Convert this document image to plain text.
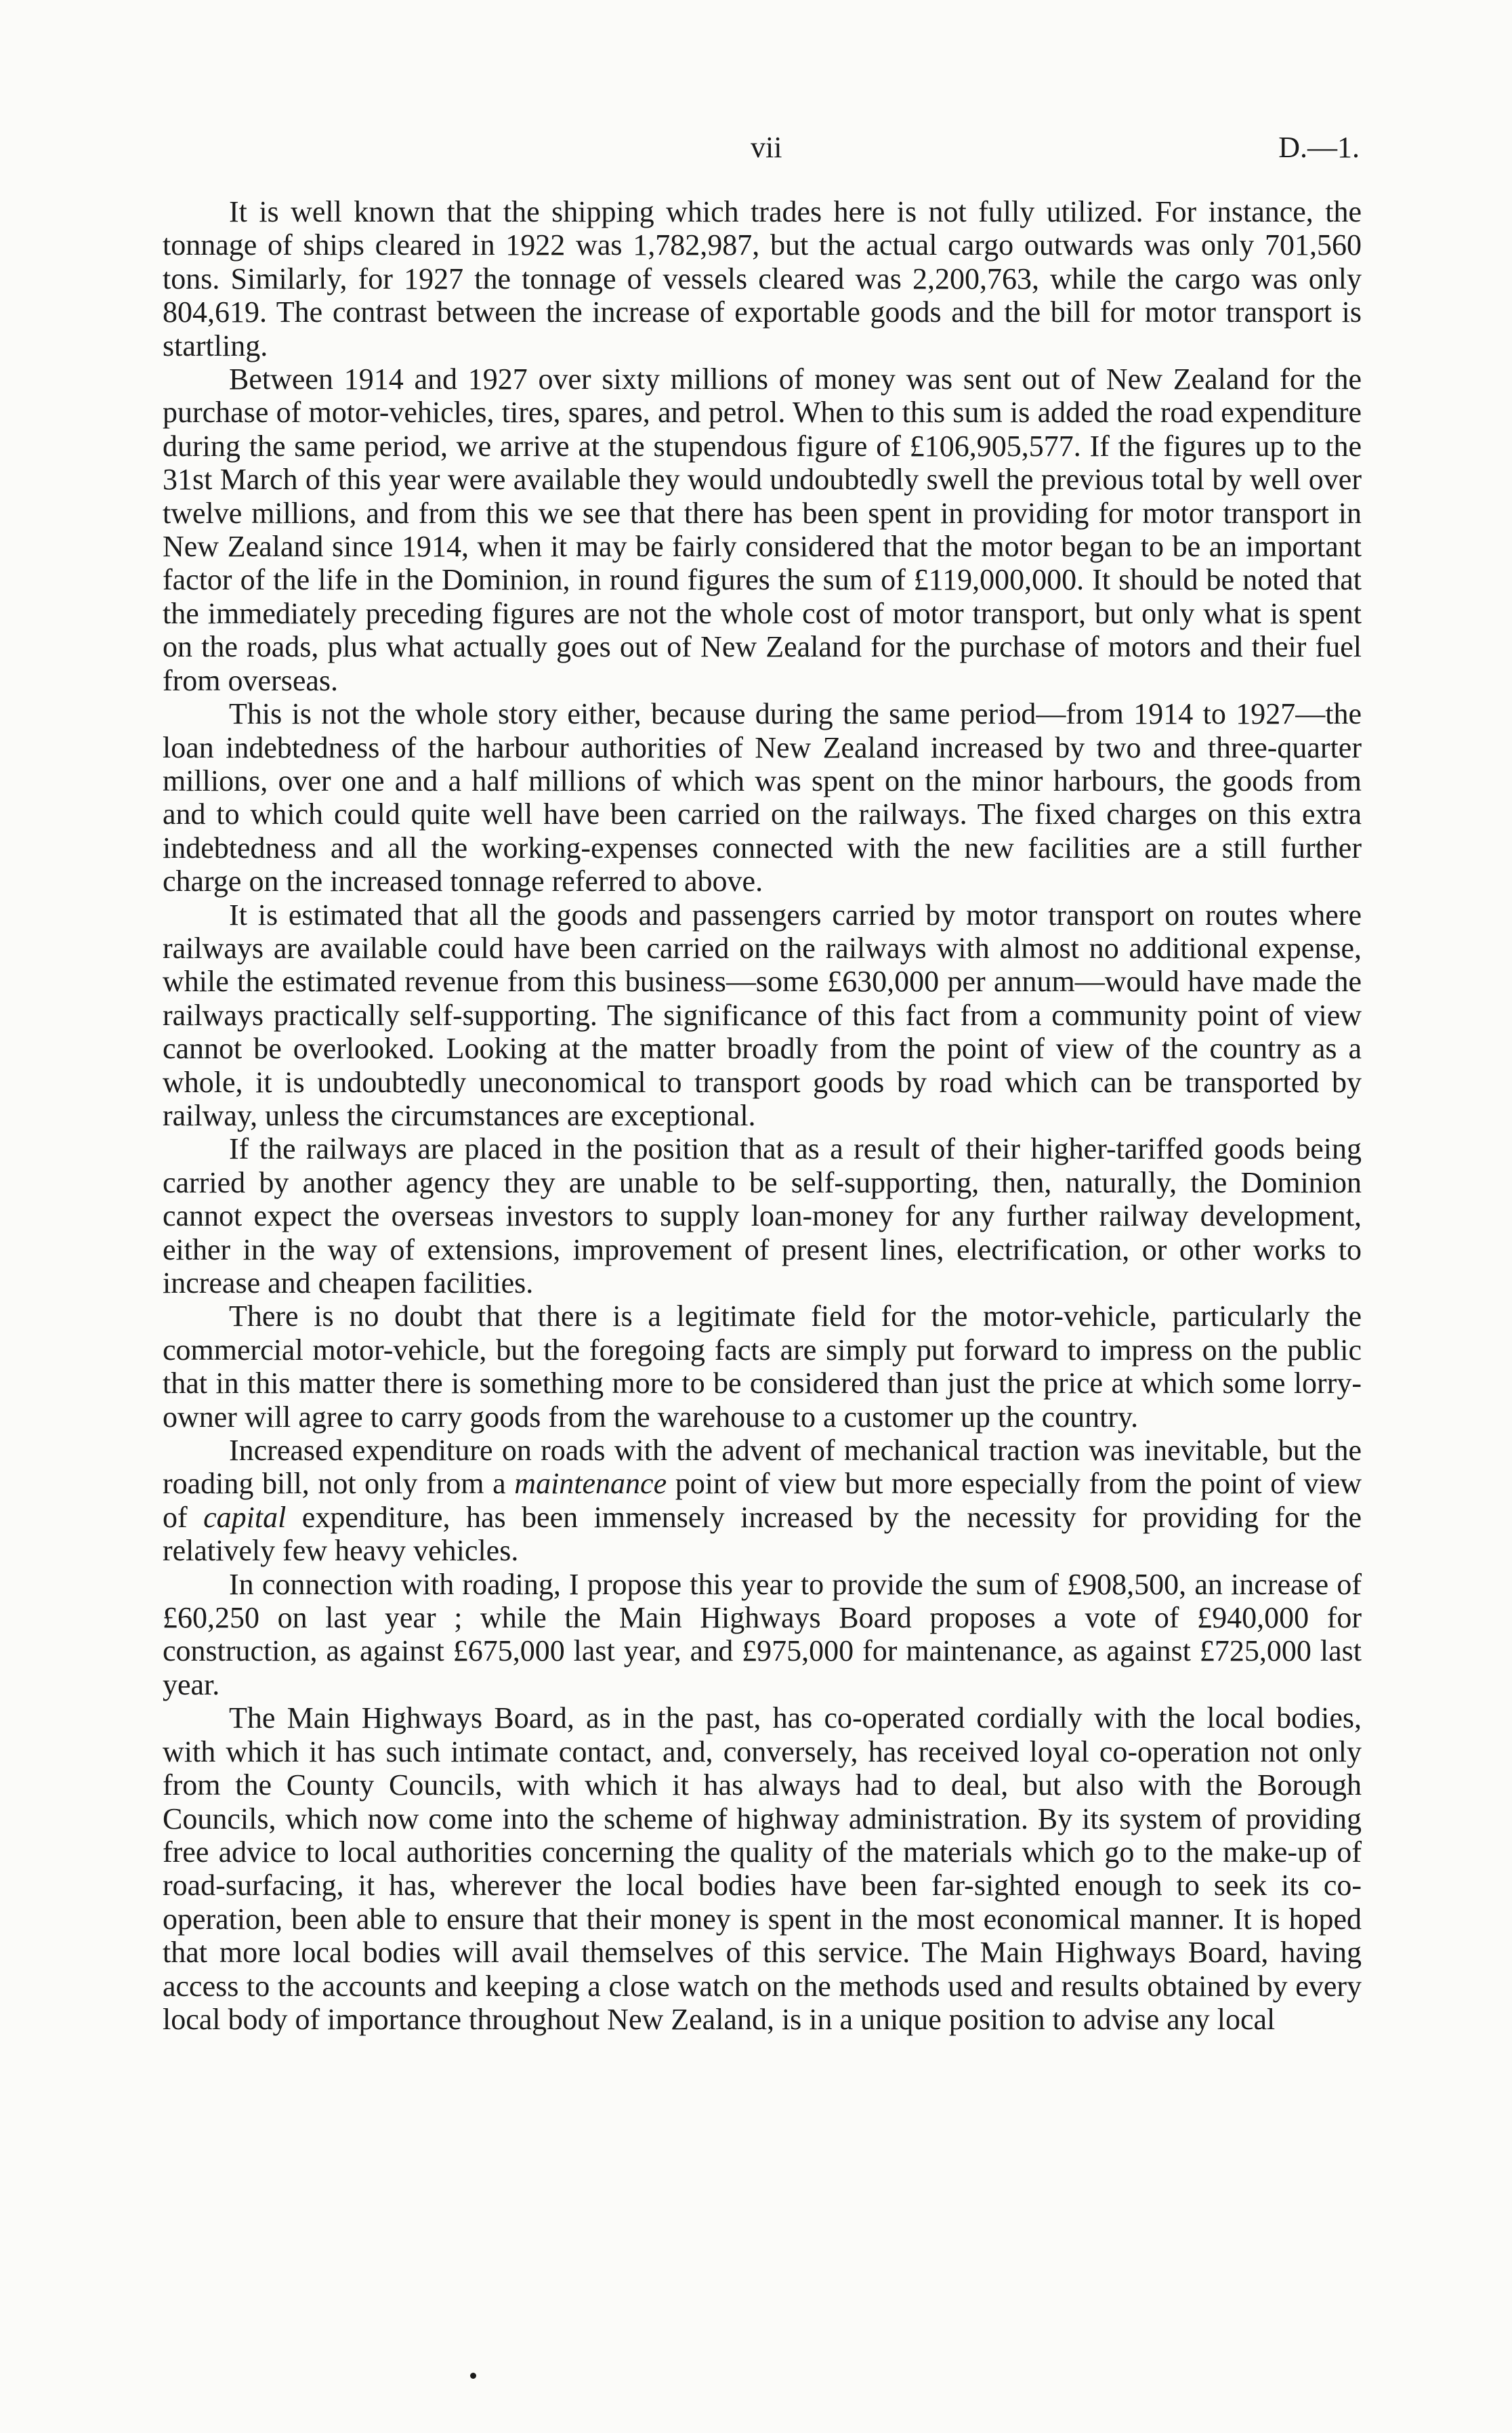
vii	D.—1.

It is well known that the shipping which trades here is not fully utilized. For instance, the tonnage of ships cleared in 1922 was 1,782,987, but the actual cargo outwards was only 701,560 tons. Similarly, for 1927 the tonnage of vessels cleared was 2,200,763, while the cargo was only 804,619. The contrast between the increase of exportable goods and the bill for motor transport is startling.

Between 1914 and 1927 over sixty millions of money was sent out of New Zealand for the purchase of motor-vehicles, tires, spares, and petrol. When to this sum is added the road expenditure during the same period, we arrive at the stupendous figure of £106,905,577. If the figures up to the 31st March of this year were available they would undoubtedly swell the previous total by well over twelve millions, and from this we see that there has been spent in providing for motor transport in New Zealand since 1914, when it may be fairly considered that the motor began to be an important factor of the life in the Dominion, in round figures the sum of £119,000,000. It should be noted that the immediately preceding figures are not the whole cost of motor transport, but only what is spent on the roads, plus what actually goes out of New Zealand for the purchase of motors and their fuel from overseas.

This is not the whole story either, because during the same period—from 1914 to 1927—the loan indebtedness of the harbour authorities of New Zealand increased by two and three-quarter millions, over one and a half millions of which was spent on the minor harbours, the goods from and to which could quite well have been carried on the railways. The fixed charges on this extra indebtedness and all the working-expenses connected with the new facilities are a still further charge on the increased tonnage referred to above.

It is estimated that all the goods and passengers carried by motor transport on routes where railways are available could have been carried on the railways with almost no additional expense, while the estimated revenue from this business—some £630,000 per annum—would have made the railways practically self-supporting. The significance of this fact from a community point of view cannot be overlooked. Looking at the matter broadly from the point of view of the country as a whole, it is undoubtedly uneconomical to transport goods by road which can be transported by railway, unless the circumstances are exceptional.

If the railways are placed in the position that as a result of their higher-tariffed goods being carried by another agency they are unable to be self-supporting, then, naturally, the Dominion cannot expect the overseas investors to supply loan-money for any further railway development, either in the way of extensions, improvement of present lines, electrification, or other works to increase and cheapen facilities.

There is no doubt that there is a legitimate field for the motor-vehicle, particularly the commercial motor-vehicle, but the foregoing facts are simply put forward to impress on the public that in this matter there is something more to be considered than just the price at which some lorry-owner will agree to carry goods from the warehouse to a customer up the country.

Increased expenditure on roads with the advent of mechanical traction was inevitable, but the roading bill, not only from a maintenance point of view but more especially from the point of view of capital expenditure, has been immensely increased by the necessity for providing for the relatively few heavy vehicles.

In connection with roading, I propose this year to provide the sum of £908,500, an increase of £60,250 on last year ; while the Main Highways Board proposes a vote of £940,000 for construction, as against £675,000 last year, and £975,000 for maintenance, as against £725,000 last year.

The Main Highways Board, as in the past, has co-operated cordially with the local bodies, with which it has such intimate contact, and, conversely, has received loyal co-operation not only from the County Councils, with which it has always had to deal, but also with the Borough Councils, which now come into the scheme of highway administration. By its system of providing free advice to local authorities concerning the quality of the materials which go to the make-up of road-surfacing, it has, wherever the local bodies have been far-sighted enough to seek its co-operation, been able to ensure that their money is spent in the most economical manner. It is hoped that more local bodies will avail themselves of this service. The Main Highways Board, having access to the accounts and keeping a close watch on the methods used and results obtained by every local body of importance throughout New Zealand, is in a unique position to advise any local
